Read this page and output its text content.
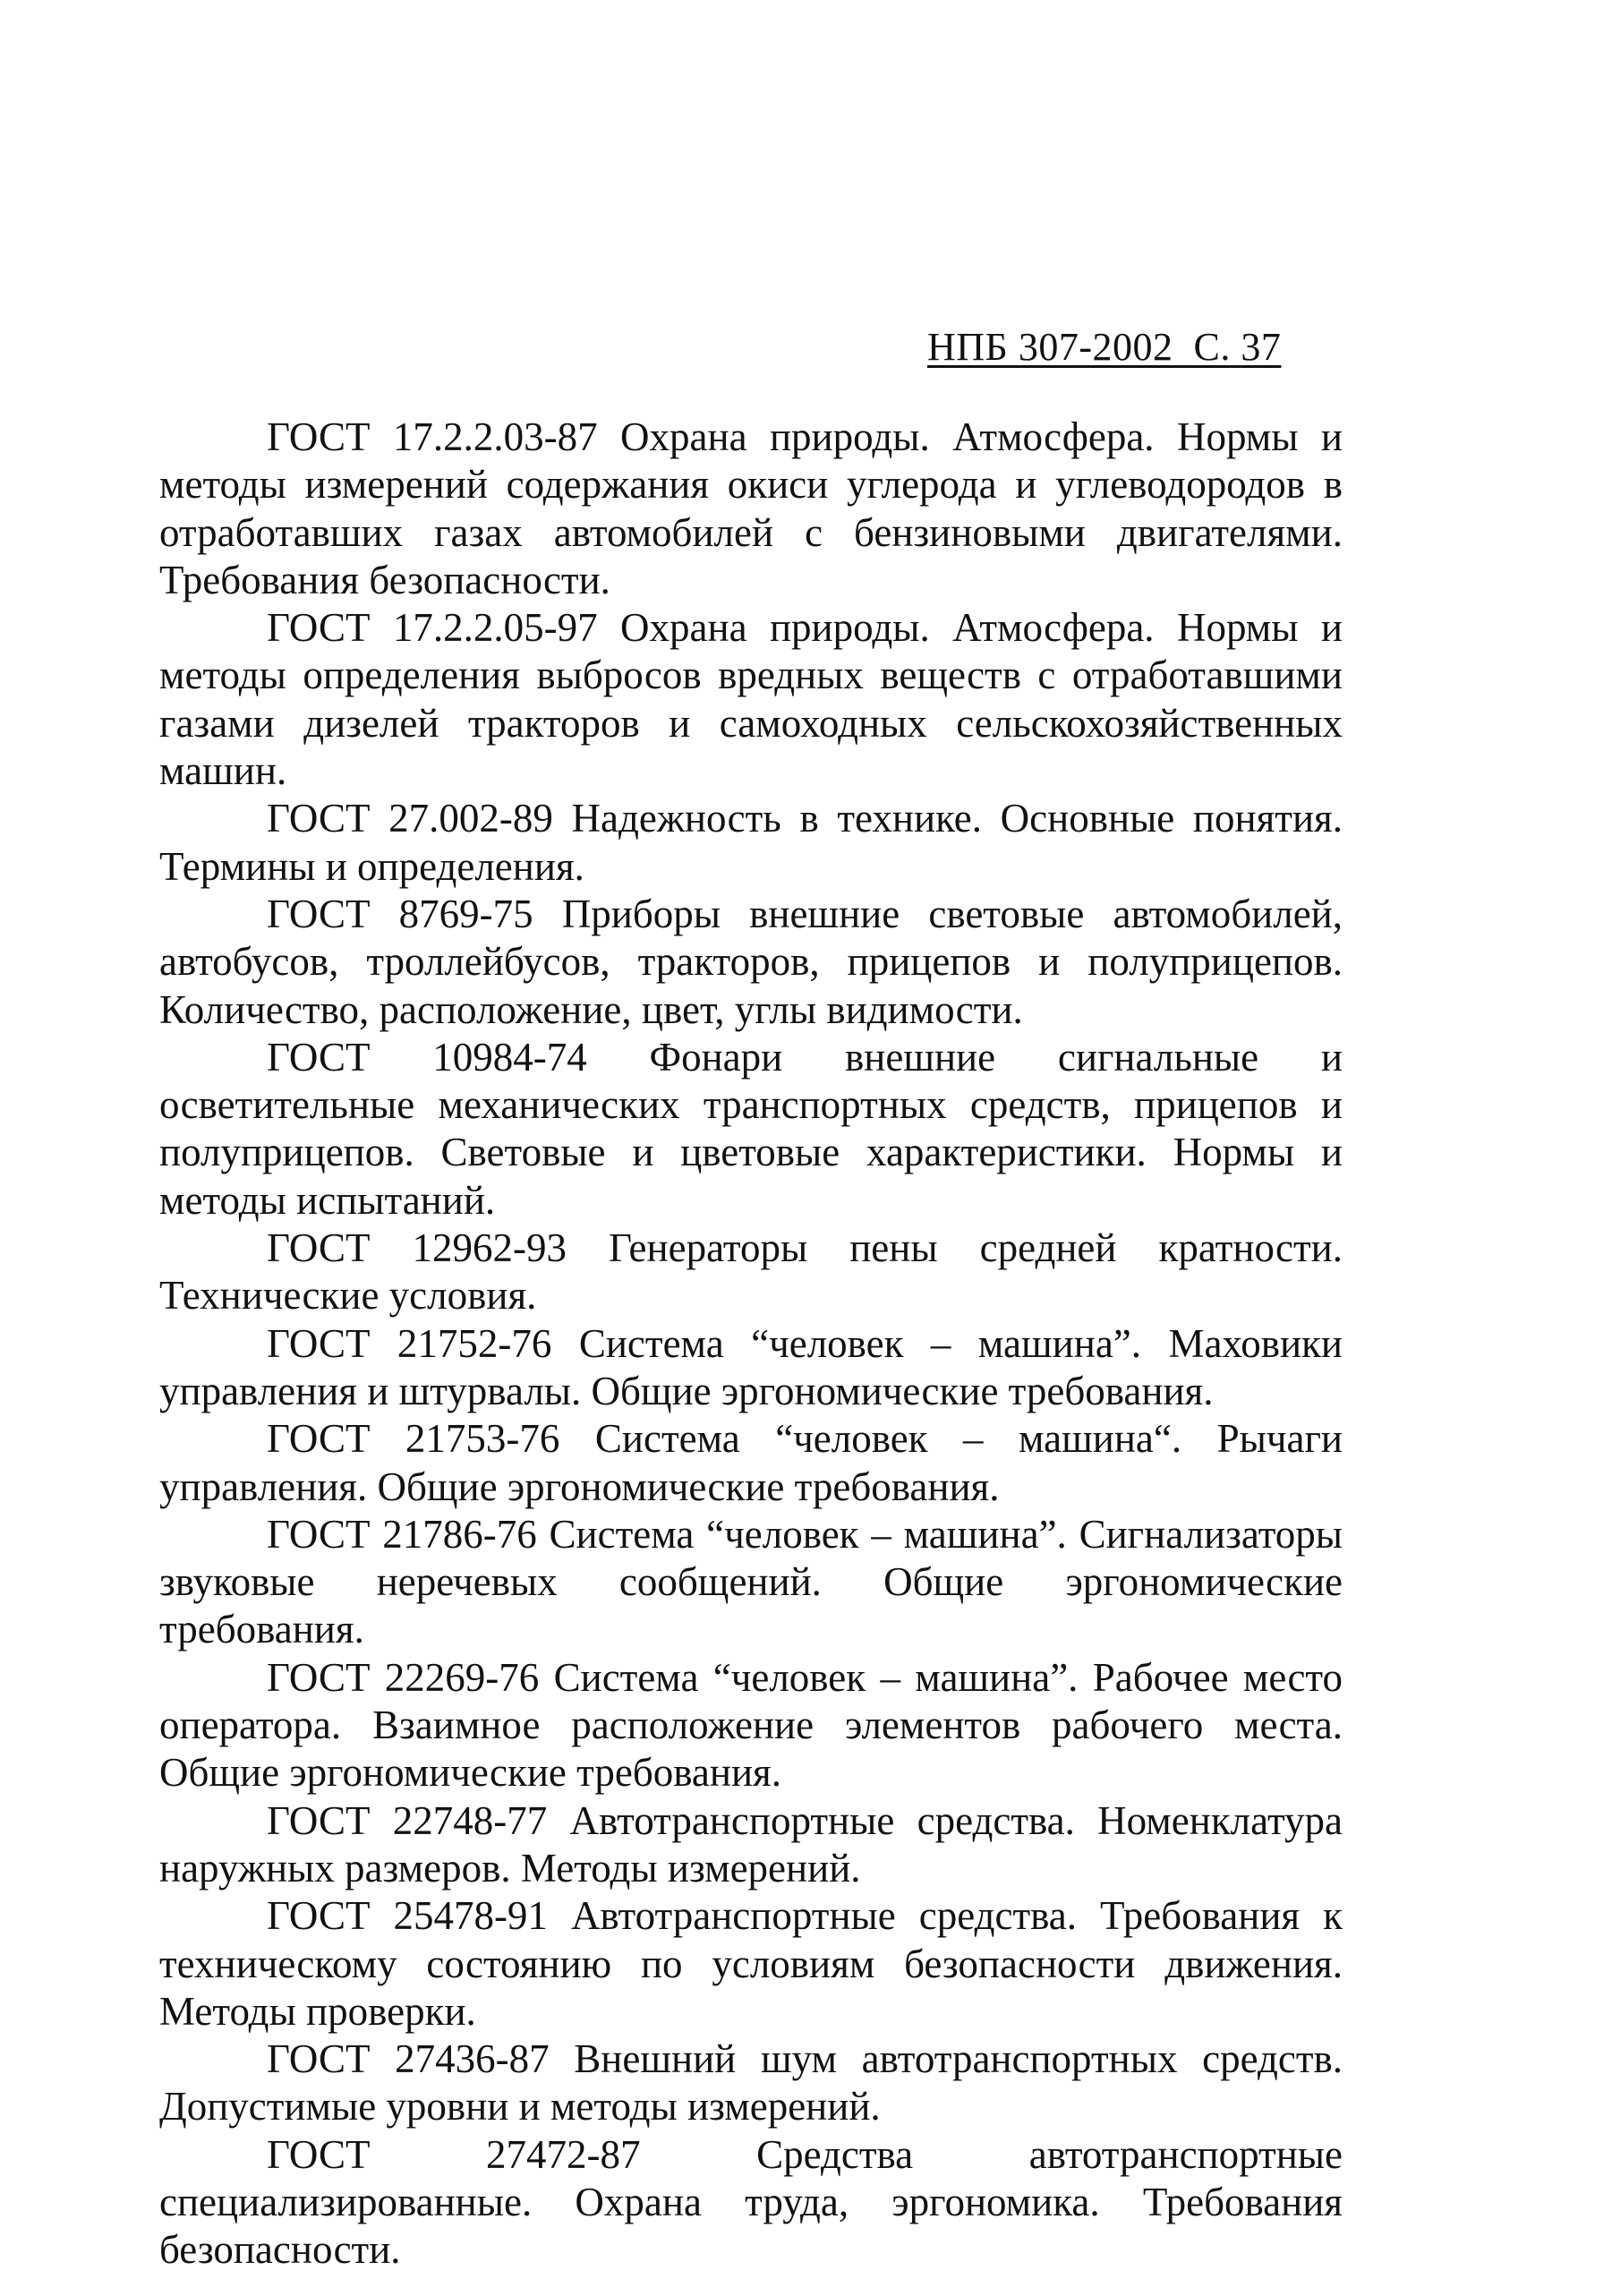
НПБ 307-2002 С. 37

ГОСТ 17.2.2.03-87 Охрана природы. Атмосфера. Нормы и методы измерений содержания окиси углерода и углеводородов в отработавших газах автомобилей с бензиновыми двигателями. Требования безопасности.

ГОСТ 17.2.2.05-97 Охрана природы. Атмосфера. Нормы и методы определения выбросов вредных веществ с отработавшими газами дизелей тракторов и самоходных сельскохозяйственных машин.

ГОСТ 27.002-89 Надежность в технике. Основные понятия. Термины и определения.

ГОСТ 8769-75 Приборы внешние световые автомобилей, автобусов, троллейбусов, тракторов, прицепов и полуприцепов. Количество, расположение, цвет, углы видимости.

ГОСТ 10984-74 Фонари внешние сигнальные и осветительные механических транспортных средств, прицепов и полуприцепов. Световые и цветовые характеристики. Нормы и методы испытаний.

ГОСТ 12962-93 Генераторы пены средней кратности. Технические условия.

ГОСТ 21752-76 Система “человек – машина”. Маховики управления и штурвалы. Общие эргономические требования.

ГОСТ 21753-76 Система “человек – машина“. Рычаги управления. Общие эргономические требования.

ГОСТ 21786-76 Система “человек – машина”. Сигнализаторы звуковые неречевых сообщений. Общие эргономические требования.

ГОСТ 22269-76 Система “человек – машина”. Рабочее место оператора. Взаимное расположение элементов рабочего места. Общие эргономические требования.

ГОСТ 22748-77 Автотранспортные средства. Номенклатура наружных размеров. Методы измерений.

ГОСТ 25478-91 Автотранспортные средства. Требования к техническому состоянию по условиям безопасности движения. Методы проверки.

ГОСТ 27436-87 Внешний шум автотранспортных средств. Допустимые уровни и методы измерений.

ГОСТ 27472-87	Средства автотранспортные специализированные. Охрана труда, эргономика. Требования безопасности.
